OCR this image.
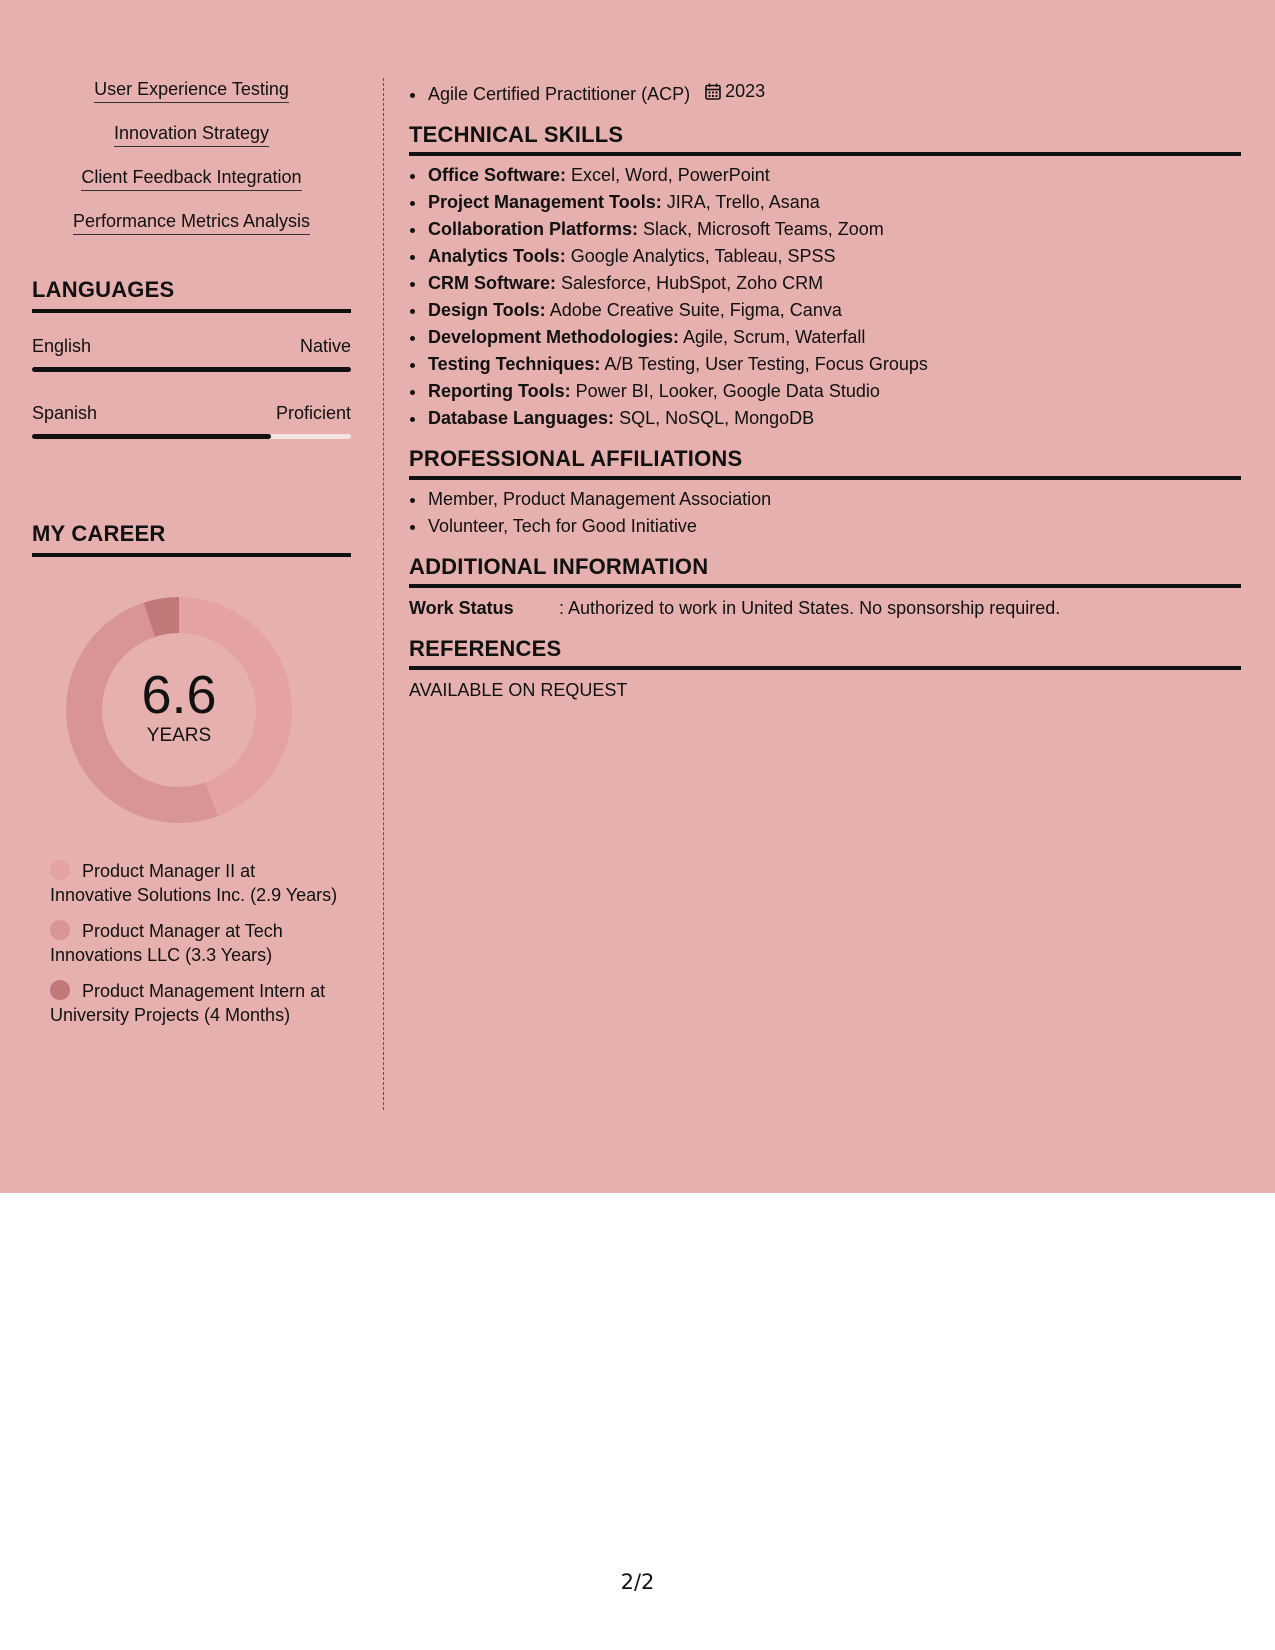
User Experience Testing
Innovation Strategy
Client Feedback Integration
Performance Metrics Analysis
LANGUAGES
English	Native
Spanish	Proficient
MY CAREER
6.6
YEARS
Product Manager II at Innovative Solutions Inc. (2.9 Years)
Product Manager at Tech Innovations LLC (3.3 Years)
Product Management Intern at University Projects (4 Months)
• Agile Certified Practitioner (ACP) 2023
TECHNICAL SKILLS
• Office Software: Excel, Word, PowerPoint
• Project Management Tools: JIRA, Trello, Asana
• Collaboration Platforms: Slack, Microsoft Teams, Zoom
• Analytics Tools: Google Analytics, Tableau, SPSS
• CRM Software: Salesforce, HubSpot, Zoho CRM
• Design Tools: Adobe Creative Suite, Figma, Canva
• Development Methodologies: Agile, Scrum, Waterfall
• Testing Techniques: A/B Testing, User Testing, Focus Groups
• Reporting Tools: Power BI, Looker, Google Data Studio
• Database Languages: SQL, NoSQL, MongoDB
PROFESSIONAL AFFILIATIONS
• Member, Product Management Association
• Volunteer, Tech for Good Initiative
ADDITIONAL INFORMATION
Work Status	: Authorized to work in United States. No sponsorship required.
REFERENCES
AVAILABLE ON REQUEST
2/2
